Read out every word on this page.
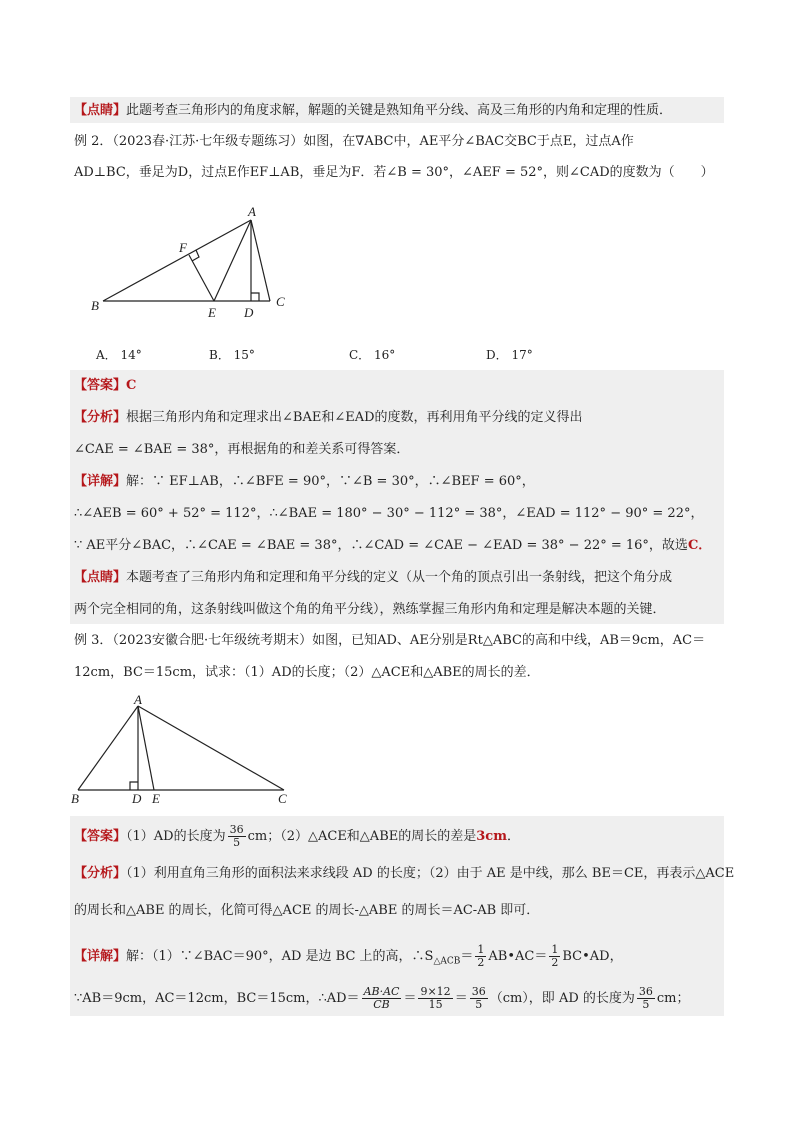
【点睛】此题考查三角形内的角度求解，解题的关键是熟知角平分线、高及三角形的内角和定理的性质．
例 2．（2023春·江苏·七年级专题练习）如图，在∇ABC中，AE平分∠BAC交BC于点E，过点A作
AD⊥BC，垂足为D，过点E作EF⊥AB，垂足为F．若∠B = 30°，∠AEF = 52°，则∠CAD的度数为（　　）
A
B	C
D
E
F
A． 14°	B． 15°	C． 16°	D． 17°
【答案】C
【分析】根据三角形内角和定理求出∠BAE和∠EAD的度数，再利用角平分线的定义得出
∠CAE = ∠BAE = 38°，再根据角的和差关系可得答案．
【详解】解：∵ EF⊥AB，∴∠BFE = 90°，∵∠B = 30°，∴∠BEF = 60°，
∴∠AEB = 60° + 52° = 112°，∴∠BAE = 180° − 30° − 112° = 38°，∠EAD = 112° − 90° = 22°，
∵ AE平分∠BAC，∴∠CAE = ∠BAE = 38°，∴∠CAD = ∠CAE − ∠EAD = 38° − 22° = 16°，故选C．
【点睛】本题考查了三角形内角和定理和角平分线的定义（从一个角的顶点引出一条射线，把这个角分成
两个完全相同的角，这条射线叫做这个角的角平分线），熟练掌握三角形内角和定理是解决本题的关键．
例 3．（2023安徽合肥·七年级统考期末）如图，已知AD、AE分别是Rt△ABC的高和中线，AB＝9cm，AC＝
12cm，BC＝15cm，试求：（1）AD的长度；（2）△ACE和△ABE的周长的差．
A
B	C
D E
【答案】（1）AD的长度为 $\frac{36}{5}$ cm；（2）△ACE和△ABE的周长的差是3cm．
【分析】（1）利用直角三角形的面积法来求线段 AD 的长度；（2）由于 AE 是中线，那么 BE＝CE，再表示△ACE
的周长和△ABE 的周长，化简可得△ACE 的周长-△ABE 的周长＝AC-AB 即可．
【详解】解：（1）∵∠BAC＝90°，AD 是边 BC 上的高，$\therefore S_{\triangle ACB}= \frac{1}{2}$ AB•AC＝ $\frac{1}{2}$ BC•AD，
∵AB＝9cm，AC＝12cm，BC＝15cm，∴AD＝ $\frac{AB\cdot AC}{CB} = \frac{9\times 12}{15} = \frac{36}{5} (cm)$，即 AD 的长度为 $\frac{36}{5}$ cm；
